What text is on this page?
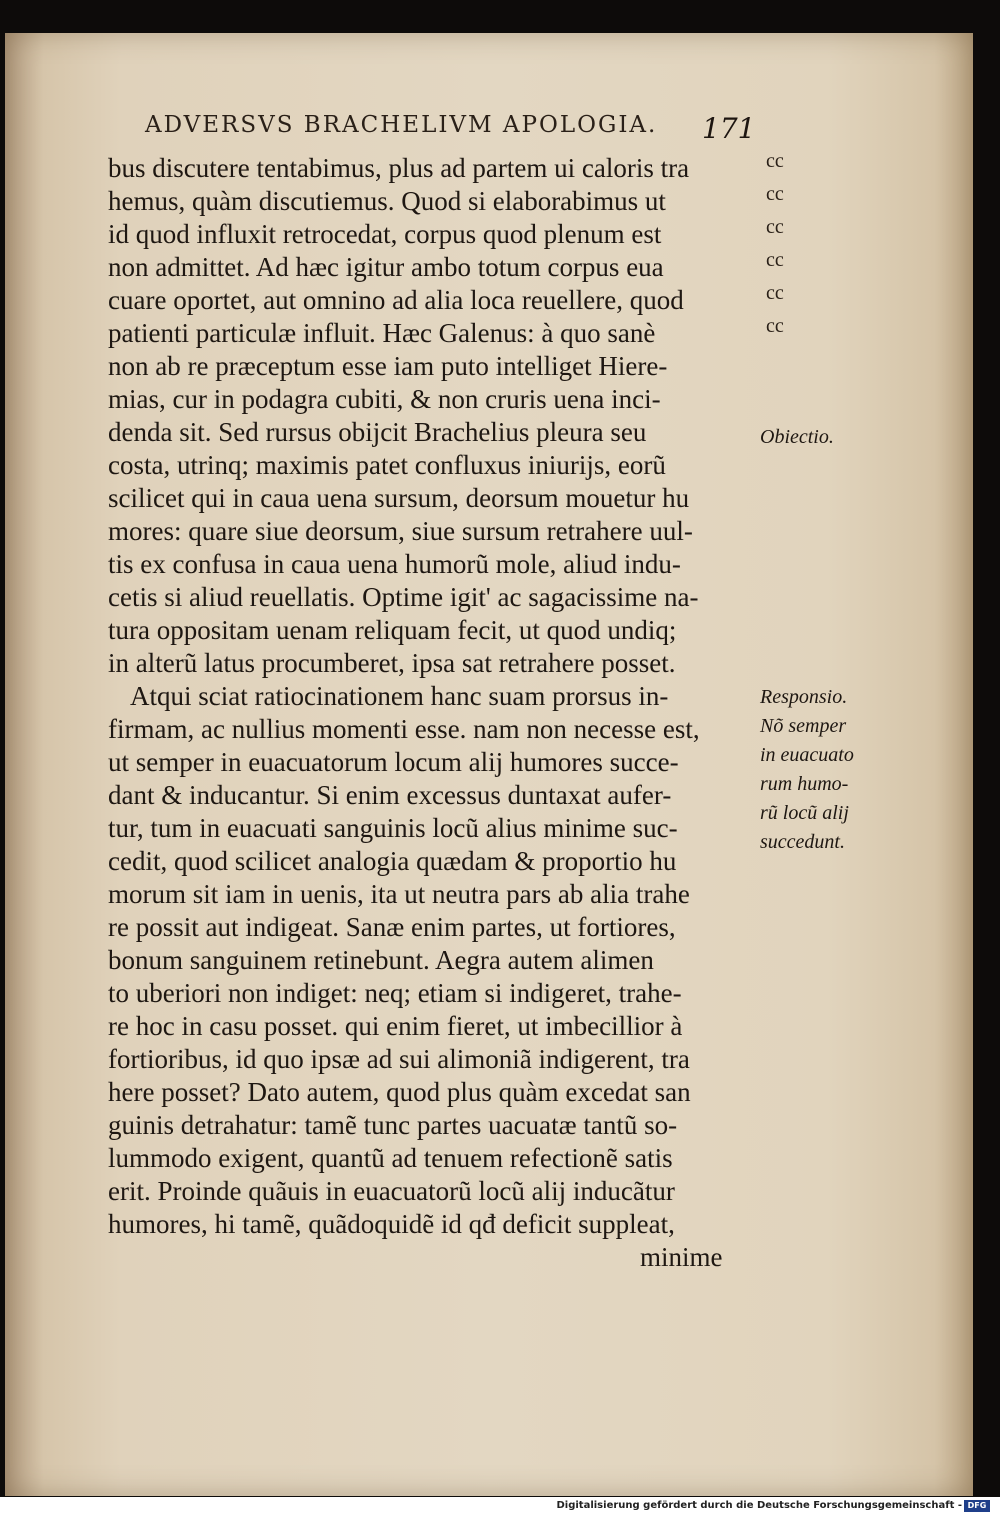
ADVERSVS BRACHELIVM APOLOGIA.	171
bus discutere tentabimus, plus ad partem ui caloris tra
hemus, quàm discutiemus. Quod si elaborabimus ut
id quod influxit retrocedat, corpus quod plenum est
non admittet. Ad hæc igitur ambo totum corpus eua
cuare oportet, aut omnino ad alia loca reuellere, quod
patienti particulæ influit. Hæc Galenus: à quo sanè
non ab re præceptum esse iam puto intelliget Hiere-
mias, cur in podagra cubiti, & non cruris uena inci-
denda sit. Sed rursus obijcit Brachelius pleura seu
costa, utrinq; maximis patet confluxus iniurijs, eorũ
scilicet qui in caua uena sursum, deorsum mouetur hu
mores: quare siue deorsum, siue sursum retrahere uul-
tis ex confusa in caua uena humorũ mole, aliud indu-
cetis si aliud reuellatis. Optime igit' ac sagacissime na-
tura oppositam uenam reliquam fecit, ut quod undiq;
in alterũ latus procumberet, ipsa sat retrahere posset.
Atqui sciat ratiocinationem hanc suam prorsus in-
firmam, ac nullius momenti esse. nam non necesse est,
ut semper in euacuatorum locum alij humores succe-
dant & inducantur. Si enim excessus duntaxat aufer-
tur, tum in euacuati sanguinis locũ alius minime suc-
cedit, quod scilicet analogia quædam & proportio hu
morum sit iam in uenis, ita ut neutra pars ab alia trahe
re possit aut indigeat. Sanæ enim partes, ut fortiores,
bonum sanguinem retinebunt. Aegra autem alimen
to uberiori non indiget: neq; etiam si indigeret, trahe-
re hoc in casu posset. qui enim fieret, ut imbecillior à
fortioribus, id quo ipsæ ad sui alimoniã indigerent, tra
here posset? Dato autem, quod plus quàm excedat san
guinis detrahatur: tamẽ tunc partes uacuatæ tantũ so-
lummodo exigent, quantũ ad tenuem refectionẽ satis
erit. Proinde quãuis in euacuatorũ locũ alij inducãtur
humores, hi tamẽ, quãdoquidẽ id qđ deficit suppleat,
minime
cc
cc
cc
cc
cc
cc
Obiectio.
Responsio.
Nõ semper
in euacuato
rum humo-
rũ locũ alij
succedunt.
Digitalisierung gefördert durch die Deutsche Forschungsgemeinschaft - DFG
